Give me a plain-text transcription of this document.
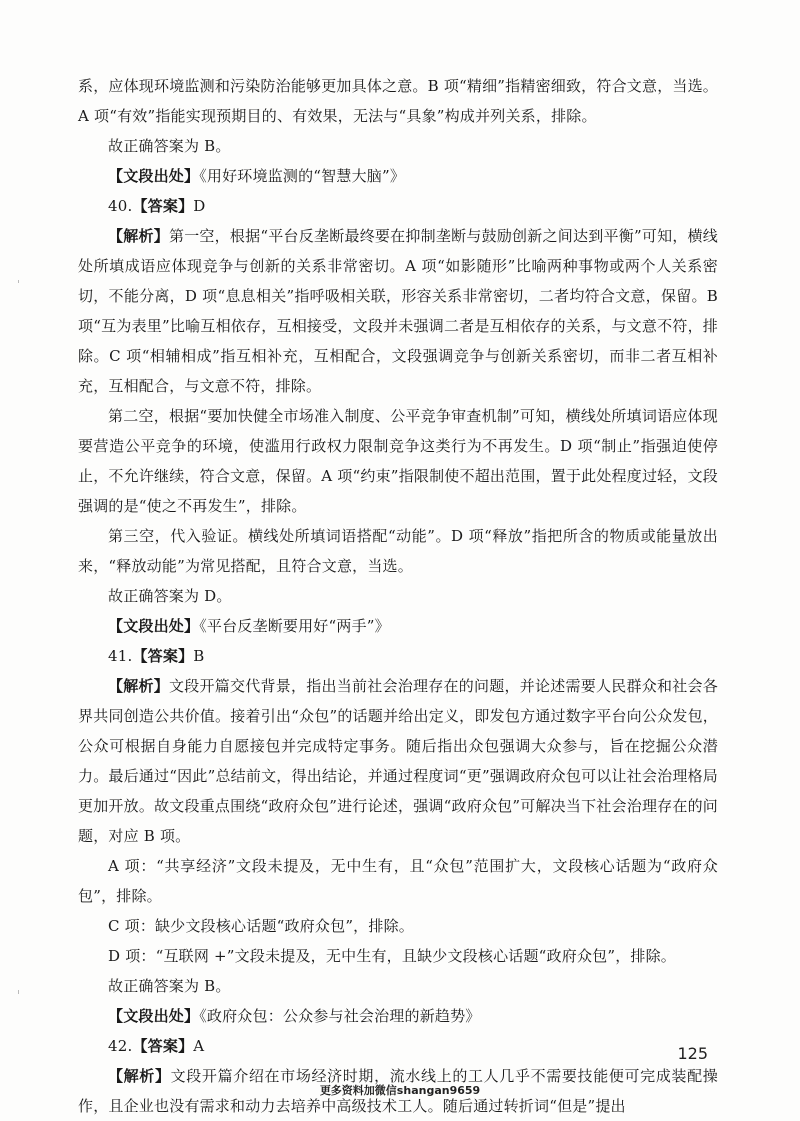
系，应体现环境监测和污染防治能够更加具体之意。B 项“精细”指精密细致，符合文意，当选。A 项“有效”指能实现预期目的、有效果，无法与“具象”构成并列关系，排除。

故正确答案为 B。

【文段出处】《用好环境监测的“智慧大脑”》

40.【答案】D

【解析】第一空，根据“平台反垄断最终要在抑制垄断与鼓励创新之间达到平衡”可知，横线处所填成语应体现竞争与创新的关系非常密切。A 项“如影随形”比喻两种事物或两个人关系密切，不能分离，D 项“息息相关”指呼吸相关联，形容关系非常密切，二者均符合文意，保留。B 项“互为表里”比喻互相依存，互相接受，文段并未强调二者是互相依存的关系，与文意不符，排除。C 项“相辅相成”指互相补充，互相配合，文段强调竞争与创新关系密切，而非二者互相补充，互相配合，与文意不符，排除。

第二空，根据“要加快健全市场准入制度、公平竞争审查机制”可知，横线处所填词语应体现要营造公平竞争的环境，使滥用行政权力限制竞争这类行为不再发生。D 项“制止”指强迫使停止，不允许继续，符合文意，保留。A 项“约束”指限制使不超出范围，置于此处程度过轻，文段强调的是“使之不再发生”，排除。

第三空，代入验证。横线处所填词语搭配“动能”。D 项“释放”指把所含的物质或能量放出来，“释放动能”为常见搭配，且符合文意，当选。

故正确答案为 D。

【文段出处】《平台反垄断要用好“两手”》

41.【答案】B

【解析】文段开篇交代背景，指出当前社会治理存在的问题，并论述需要人民群众和社会各界共同创造公共价值。接着引出“众包”的话题并给出定义，即发包方通过数字平台向公众发包，公众可根据自身能力自愿接包并完成特定事务。随后指出众包强调大众参与，旨在挖掘公众潜力。最后通过“因此”总结前文，得出结论，并通过程度词“更”强调政府众包可以让社会治理格局更加开放。故文段重点围绕“政府众包”进行论述，强调“政府众包”可解决当下社会治理存在的问题，对应 B 项。

A 项：“共享经济”文段未提及，无中生有，且“众包”范围扩大，文段核心话题为“政府众包”，排除。

C 项：缺少文段核心话题“政府众包”，排除。

D 项：“互联网 +”文段未提及，无中生有，且缺少文段核心话题“政府众包”，排除。

故正确答案为 B。

【文段出处】《政府众包：公众参与社会治理的新趋势》

42.【答案】A

【解析】文段开篇介绍在市场经济时期，流水线上的工人几乎不需要技能便可完成装配操作，且企业也没有需求和动力去培养中高级技术工人。随后通过转折词“但是”提出

125
更多资料加微信shangan9659
